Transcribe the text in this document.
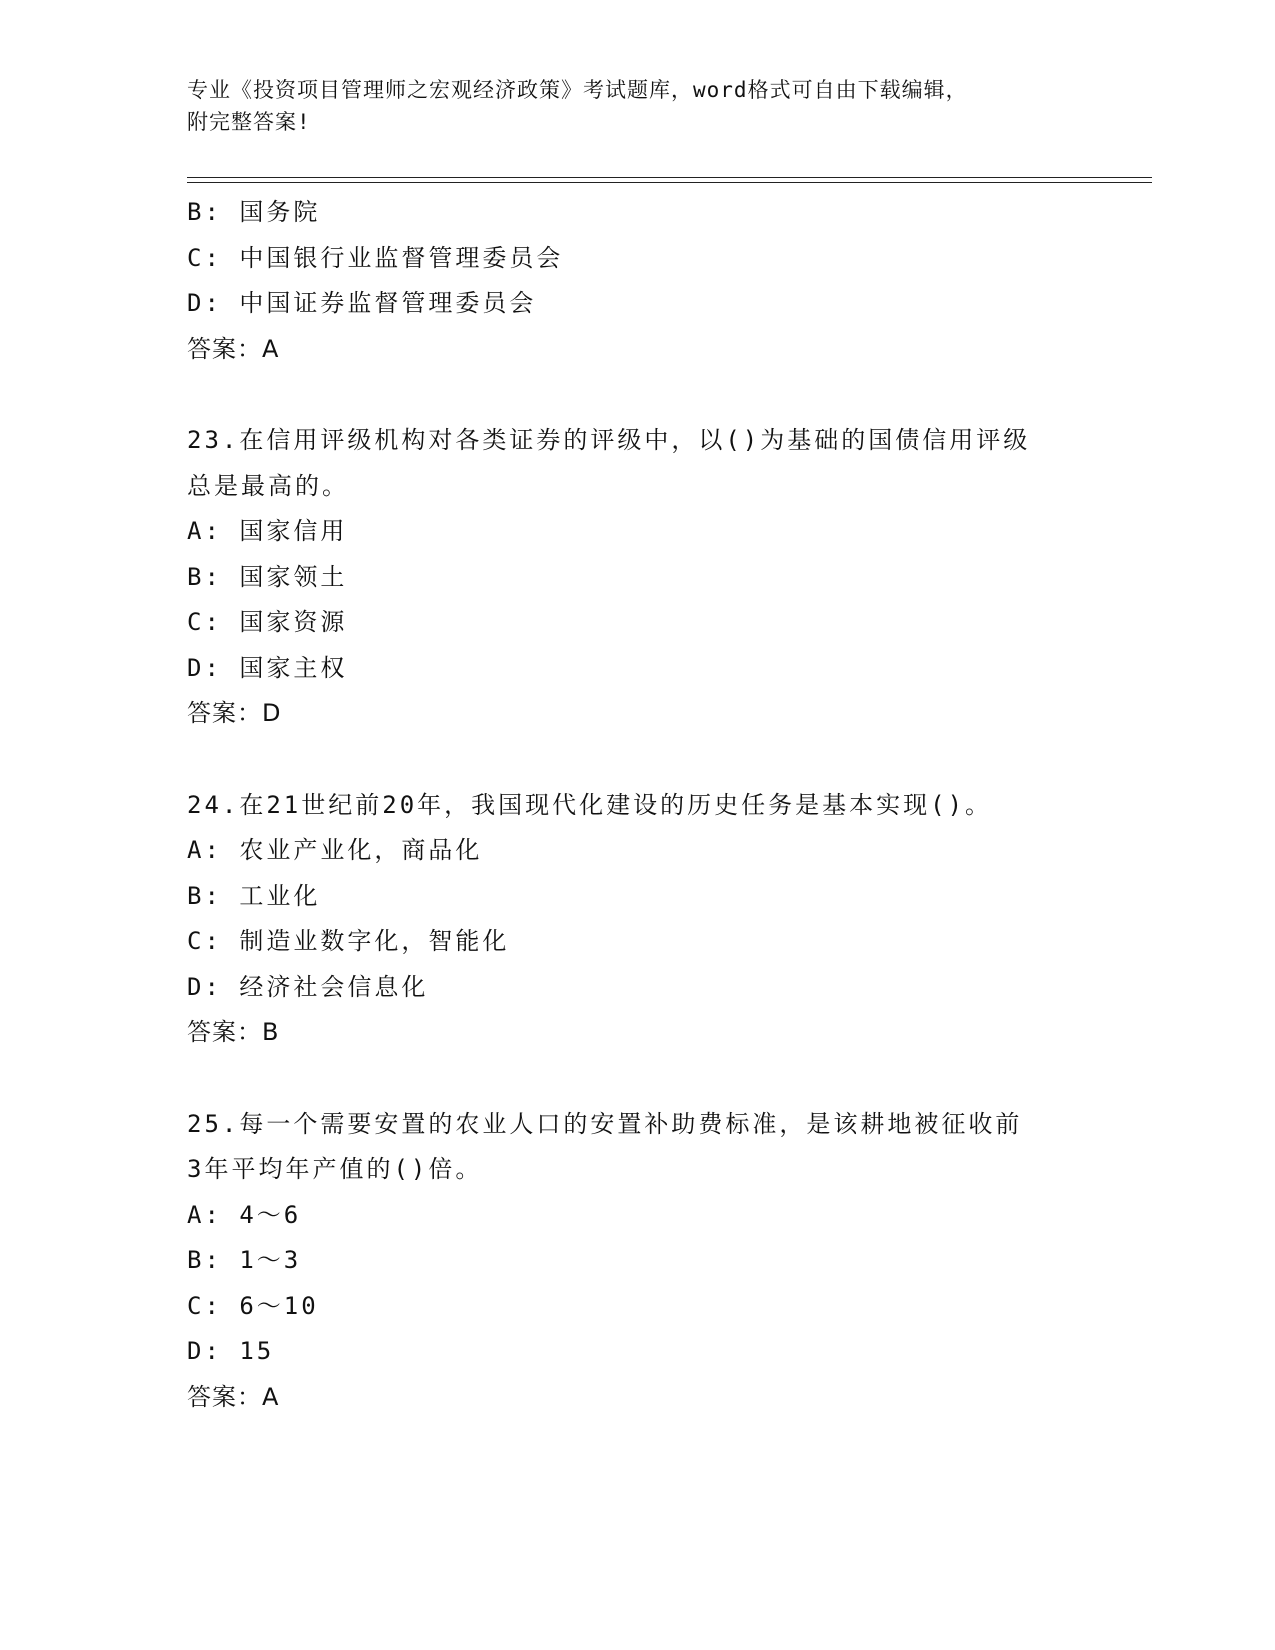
专业《投资项目管理师之宏观经济政策》考试题库，word格式可自由下载编辑，
附完整答案!
B: 国务院
C: 中国银行业监督管理委员会
D: 中国证券监督管理委员会
答案：A
23.在信用评级机构对各类证券的评级中，以()为基础的国债信用评级
总是最高的。
A: 国家信用
B: 国家领土
C: 国家资源
D: 国家主权
答案：D
24.在21世纪前20年，我国现代化建设的历史任务是基本实现()。
A: 农业产业化，商品化
B: 工业化
C: 制造业数字化，智能化
D: 经济社会信息化
答案：B
25.每一个需要安置的农业人口的安置补助费标准，是该耕地被征收前
3年平均年产值的()倍。
A: 4～6
B: 1～3
C: 6～10
D: 15
答案：A
